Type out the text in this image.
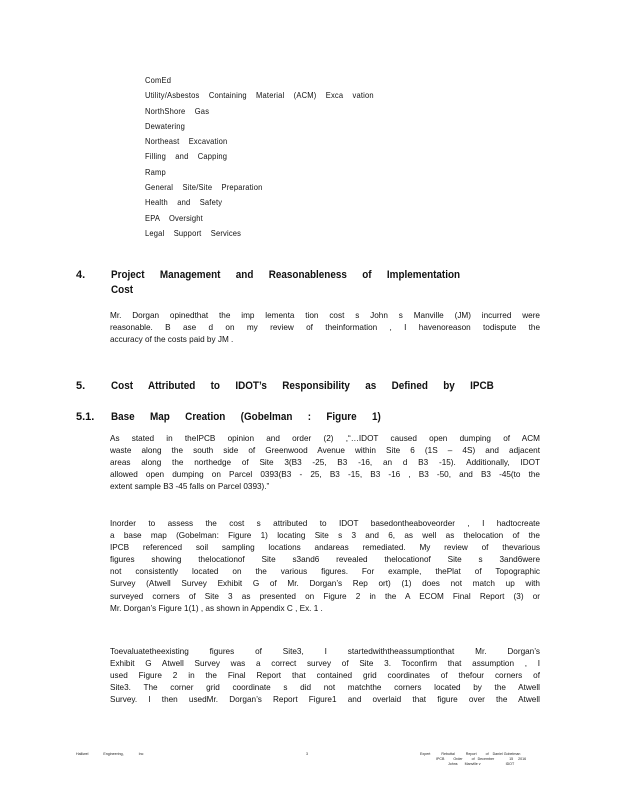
ComEd
Utility/Asbestos Containing Material (ACM) Exca vation
NorthShore Gas
Dewatering
Northeast Excavation
Filling and Capping
Ramp
General Site/Site Preparation
Health and Safety
EPA Oversight
Legal Support Services
4. Project Management and Reasonableness of Implementation
Cost
Mr. Dorgan opinedthat the imp lementa tion cost s John s Manville (JM) incurred were
reasonable. B ase d on my review of theinformation , I havenoreason todispute the
accuracy of the costs paid by JM .
5. Cost Attributed to IDOT’s Responsibility as Defined by IPCB
5.1. Base Map Creation (Gobelman : Figure 1)
As stated in theIPCB opinion and order (2) ,“…IDOT caused open dumping of ACM
waste along the south side of Greenwood Avenue within Site 6 (1S – 4S) and adjacent
areas along the northedge of Site 3(B3 -25, B3 -16, an d B3 -15). Additionally, IDOT
allowed open dumping on Parcel 0393(B3 - 25, B3 -15, B3 -16 , B3 -50, and B3 -45(to the
extent sample B3 -45 falls on Parcel 0393).”
Inorder to assess the cost s attributed to IDOT basedontheaboveorder , I hadtocreate
a base map (Gobelman: Figure 1) locating Site s 3 and 6, as well as thelocation of the
IPCB referenced soil sampling locations andareas remediated. My review of thevarious
figures showing thelocationof Site s3and6 revealed thelocationof Site s 3and6were
not consistently located on the various figures. For example, thePlat of Topographic
Survey (Atwell Survey Exhibit G of Mr. Dorgan’s Rep ort) (1) does not match up with
surveyed corners of Site 3 as presented on Figure 2 in the A ECOM Final Report (3) or
Mr. Dorgan’s Figure 1(1) , as shown in Appendix C , Ex. 1 .
Toevaluatetheexisting figures of Site3, I startedwiththeassumptionthat Mr. Dorgan’s
Exhibit G Atwell Survey was a correct survey of Site 3. Toconfirm that assumption , I
used Figure 2 in the Final Report that contained grid coordinates of thefour corners of
Site3. The corner grid coordinate s did not matchthe corners located by the Atwell
Survey. I then usedMr. Dorgan’s Report Figure1 and overlaid that figure over the Atwell
Halliwel	Engineering,	Inc	3	Expert	Rebuttal	Report	of Daniel Gobelman
IPCB	Order	of December	15 2016
Johns Manville v	IDOT
